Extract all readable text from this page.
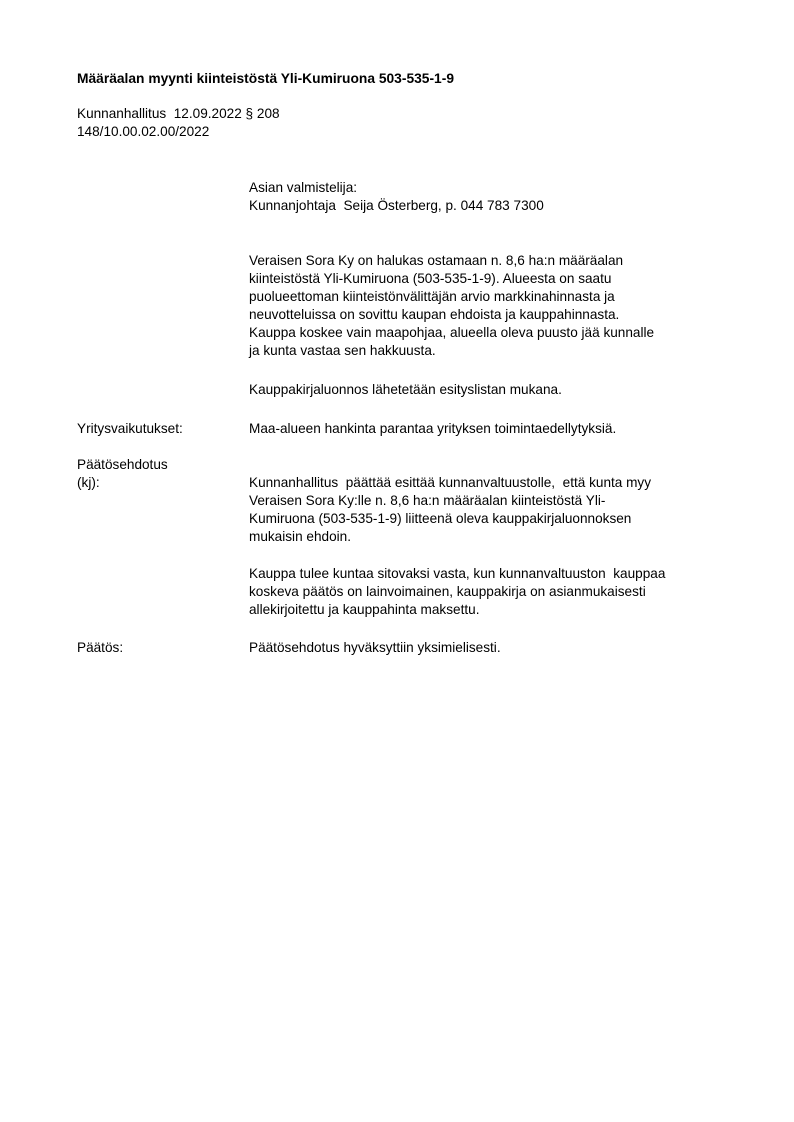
Määräalan myynti kiinteistöstä Yli-Kumiruona 503-535-1-9
Kunnanhallitus  12.09.2022 § 208
148/10.00.02.00/2022
Asian valmistelija:
Kunnanjohtaja  Seija Österberg, p. 044 783 7300
Veraisen Sora Ky on halukas ostamaan n. 8,6 ha:n määräalan
kiinteistöstä Yli-Kumiruona (503-535-1-9). Alueesta on saatu
puolueettoman kiinteistönvälittäjän arvio markkinahinnasta ja
neuvotteluissa on sovittu kaupan ehdoista ja kauppahinnasta.
Kauppa koskee vain maapohjaa, alueella oleva puusto jää kunnalle
ja kunta vastaa sen hakkuusta.
Kauppakirjaluonnos lähetetään esityslistan mukana.
Yritysvaikutukset:	Maa-alueen hankinta parantaa yrityksen toimintaedellytyksiä.
Päätösehdotus
(kj):	Kunnanhallitus  päättää esittää kunnanvaltuustolle,  että kunta myy
Veraisen Sora Ky:lle n. 8,6 ha:n määräalan kiinteistöstä Yli-
Kumiruona (503-535-1-9) liitteenä oleva kauppakirjaluonnoksen
mukaisin ehdoin.
Kauppa tulee kuntaa sitovaksi vasta, kun kunnanvaltuuston  kauppaa
koskeva päätös on lainvoimainen, kauppakirja on asianmukaisesti
allekirjoitettu ja kauppahinta maksettu.
Päätös:	Päätösehdotus hyväksyttiin yksimielisesti.
